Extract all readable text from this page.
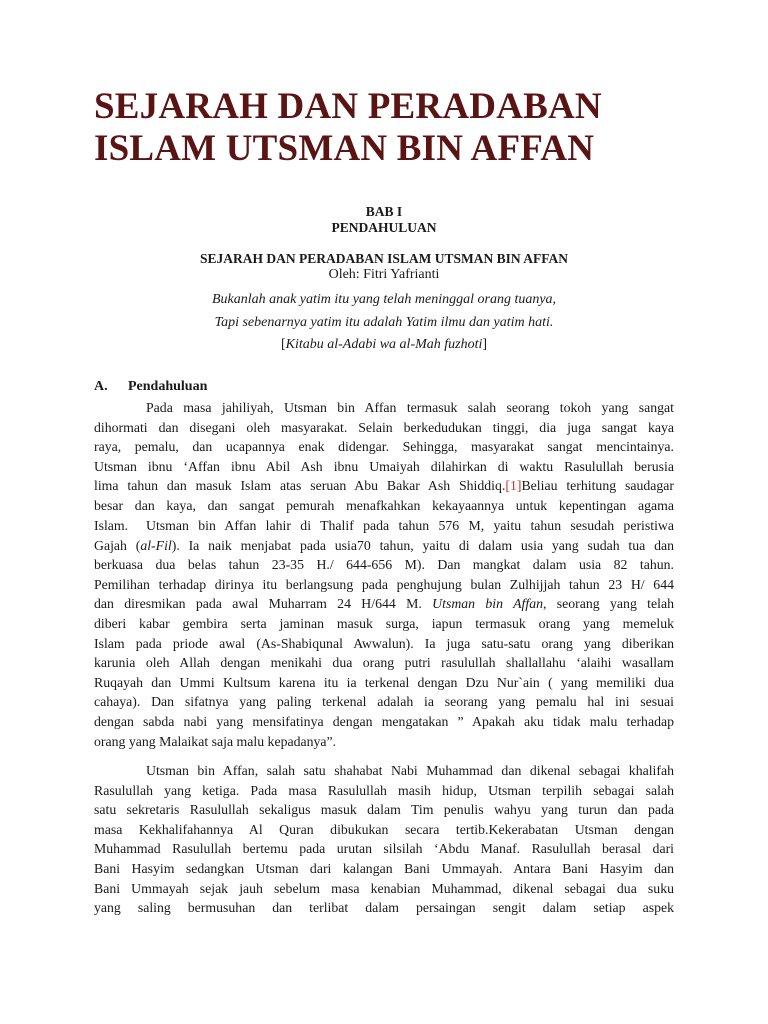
SEJARAH DAN PERADABAN ISLAM UTSMAN BIN AFFAN
BAB I
PENDAHULUAN
SEJARAH DAN PERADABAN ISLAM UTSMAN BIN AFFAN
Oleh: Fitri Yafrianti
Bukanlah anak yatim itu yang telah meninggal orang tuanya,
Tapi sebenarnya yatim itu adalah Yatim ilmu dan yatim hati.
[Kitabu al-Adabi wa al-Mah fuzhoti]
A. Pendahuluan
Pada masa jahiliyah, Utsman bin Affan termasuk salah seorang tokoh yang sangat
dihormati dan disegani oleh masyarakat. Selain berkedudukan tinggi, dia juga sangat kaya
raya, pemalu, dan ucapannya enak didengar. Sehingga, masyarakat sangat mencintainya.
Utsman ibnu ‘Affan ibnu Abil Ash ibnu Umaiyah dilahirkan di waktu Rasulullah berusia
lima tahun dan masuk Islam atas seruan Abu Bakar Ash Shiddiq.[1]Beliau terhitung saudagar
besar dan kaya, dan sangat pemurah menafkahkan kekayaannya untuk kepentingan agama
Islam.	Utsman bin Affan lahir di Thalif pada tahun 576 M, yaitu tahun sesudah peristiwa
Gajah (al-Fil). Ia naik menjabat pada usia70 tahun, yaitu di dalam usia yang sudah tua dan
berkuasa dua belas tahun 23-35 H./ 644-656 M). Dan mangkat dalam usia 82 tahun.
Pemilihan terhadap dirinya itu berlangsung pada penghujung bulan Zulhijjah tahun 23 H/ 644
dan diresmikan pada awal Muharram 24 H/644 M. Utsman bin Affan, seorang yang telah
diberi kabar gembira serta jaminan masuk surga, iapun termasuk orang yang memeluk
Islam pada priode awal (As-Shabiqunal Awwalun). Ia juga satu-satu orang yang diberikan
karunia oleh Allah dengan menikahi dua orang putri rasulullah shallallahu ‘alaihi wasallam
Ruqayah dan Ummi Kultsum karena itu ia terkenal dengan Dzu Nur`ain ( yang memiliki dua
cahaya). Dan sifatnya yang paling terkenal adalah ia seorang yang pemalu hal ini sesuai
dengan sabda nabi yang mensifatinya dengan mengatakan ” Apakah aku tidak malu terhadap
orang yang Malaikat saja malu kepadanya”.
Utsman bin Affan, salah satu shahabat Nabi Muhammad dan dikenal sebagai khalifah
Rasulullah yang ketiga. Pada masa Rasulullah masih hidup, Utsman terpilih sebagai salah
satu sekretaris Rasulullah sekaligus masuk dalam Tim penulis wahyu yang turun dan pada
masa Kekhalifahannya Al Quran dibukukan secara tertib.Kekerabatan Utsman dengan
Muhammad Rasulullah bertemu pada urutan silsilah ‘Abdu Manaf. Rasulullah berasal dari
Bani Hasyim sedangkan Utsman dari kalangan Bani Ummayah. Antara Bani Hasyim dan
Bani Ummayah sejak jauh sebelum masa kenabian Muhammad, dikenal sebagai dua suku
yang saling bermusuhan dan terlibat dalam persaingan sengit dalam setiap aspek
